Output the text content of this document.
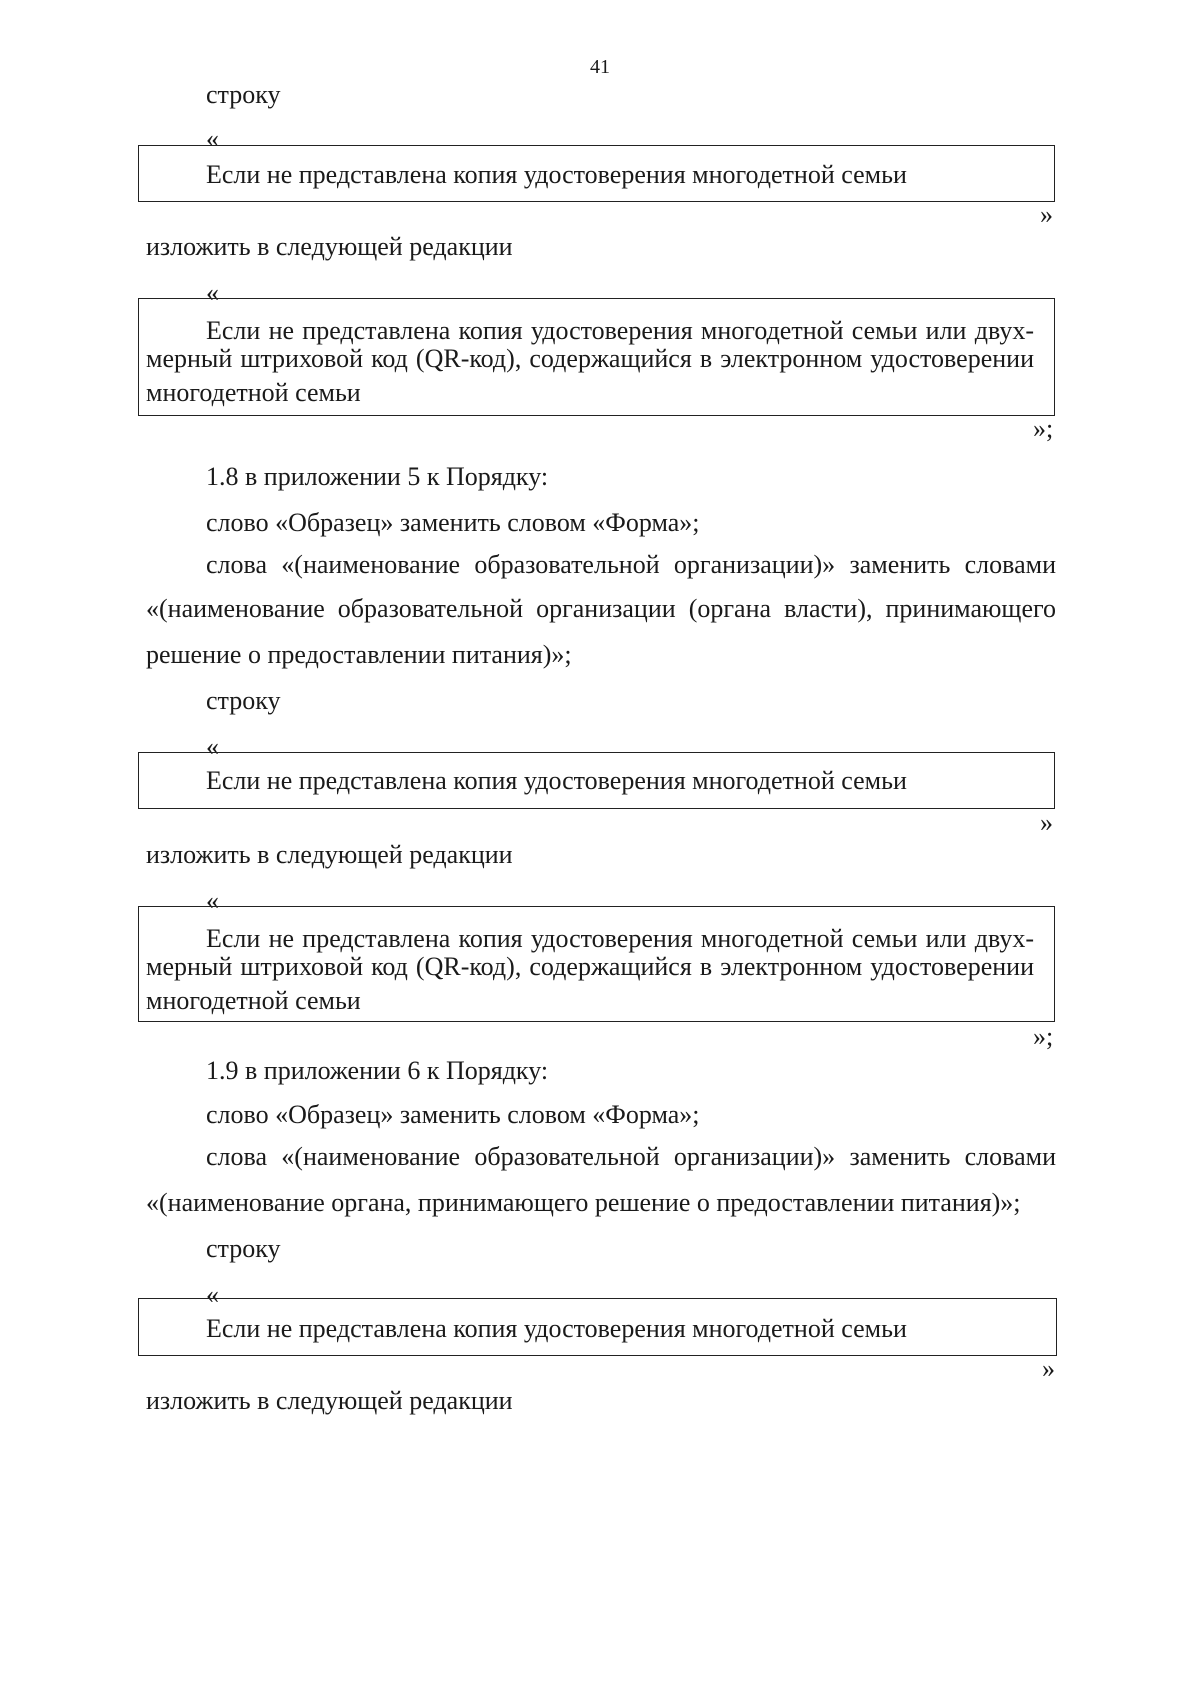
41
строку
«
Если не представлена копия удостоверения многодетной семьи
»
изложить в следующей редакции
«
Если не представлена копия удостоверения многодетной семьи или двух-
мерный штриховой код (QR-код), содержащийся в электронном удостоверении
многодетной семьи
»;
1.8 в приложении 5 к Порядку:
слово «Образец» заменить словом «Форма»;
слова «(наименование образовательной организации)» заменить словами
«(наименование образовательной организации (органа власти), принимающего
решение о предоставлении питания)»;
строку
«
Если не представлена копия удостоверения многодетной семьи
»
изложить в следующей редакции
«
Если не представлена копия удостоверения многодетной семьи или двух-
мерный штриховой код (QR-код), содержащийся в электронном удостоверении
многодетной семьи
»;
1.9 в приложении 6 к Порядку:
слово «Образец» заменить словом «Форма»;
слова «(наименование образовательной организации)» заменить словами
«(наименование органа, принимающего решение о предоставлении питания)»;
строку
«
Если не представлена копия удостоверения многодетной семьи
»
изложить в следующей редакции
